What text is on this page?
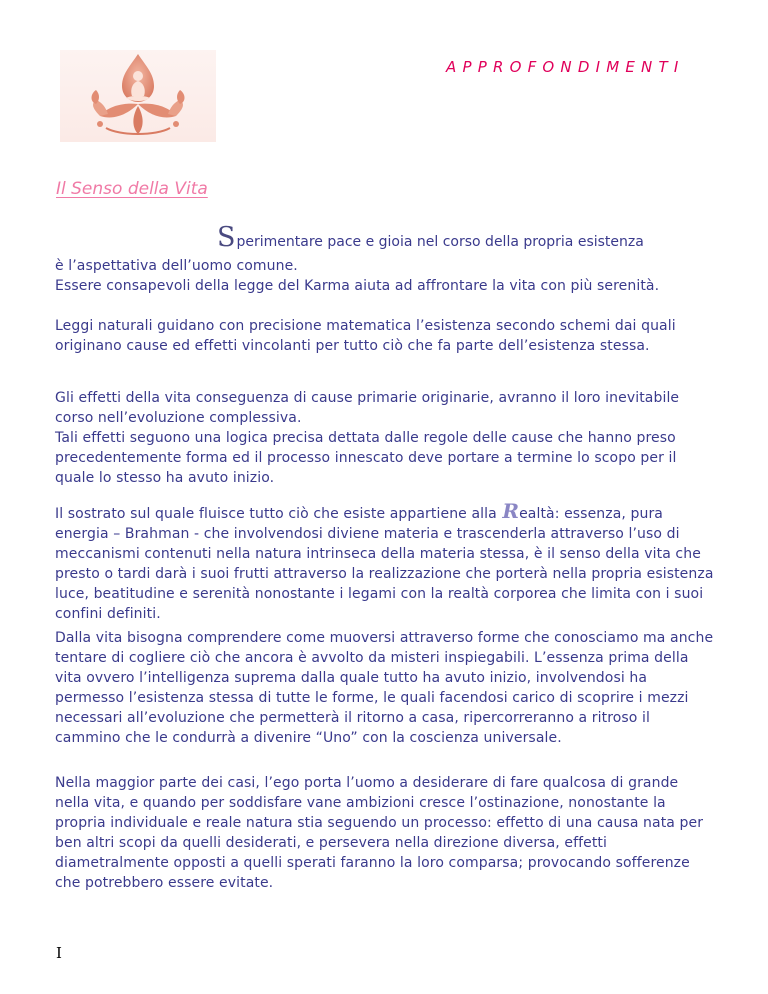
APPROFONDIMENTI
Il Senso della Vita
Sperimentare pace e gioia nel corso della propria esistenza

è l’aspettativa dell’uomo comune.

Essere consapevoli della legge del Karma aiuta ad affrontare la vita con più serenità.

Leggi naturali guidano con precisione matematica l’esistenza secondo schemi dai quali originano cause ed effetti vincolanti per tutto ciò che fa parte dell’esistenza stessa.

Gli effetti della vita conseguenza di cause primarie originarie, avranno il loro inevitabile corso nell’evoluzione complessiva.

Tali effetti seguono una logica precisa dettata dalle regole delle cause che hanno preso precedentemente forma ed il processo innescato deve portare a termine lo scopo per il quale lo stesso ha avuto inizio.

Il sostrato sul quale fluisce tutto ciò che esiste appartiene alla Realtà: essenza, pura energia – Brahman - che involvendosi diviene materia e trascenderla attraverso l’uso di meccanismi contenuti nella natura intrinseca della materia stessa, è il senso della vita che presto o tardi darà i suoi frutti attraverso la realizzazione che porterà nella propria esistenza luce, beatitudine e serenità nonostante i legami con la realtà corporea che limita con i suoi confini definiti.

Dalla vita bisogna comprendere come muoversi attraverso forme che conosciamo ma anche tentare di cogliere ciò che ancora è avvolto da misteri inspiegabili. L’essenza prima della vita ovvero l’intelligenza suprema dalla quale tutto ha avuto inizio, involvendosi ha permesso l’esistenza stessa di tutte le forme, le quali facendosi carico di scoprire i mezzi necessari all’evoluzione che permetterà il ritorno a casa, ripercorreranno a ritroso il cammino che le condurrà a divenire “Uno” con la coscienza universale.

Nella maggior parte dei casi, l’ego porta l’uomo a desiderare di fare qualcosa di grande nella vita, e quando per soddisfare vane ambizioni cresce l’ostinazione, nonostante la propria individuale e reale natura stia seguendo un processo: effetto di una causa nata per ben altri scopi da quelli desiderati, e persevera nella direzione diversa, effetti diametralmente opposti a quelli sperati faranno la loro comparsa; provocando sofferenze che potrebbero essere evitate.

I
